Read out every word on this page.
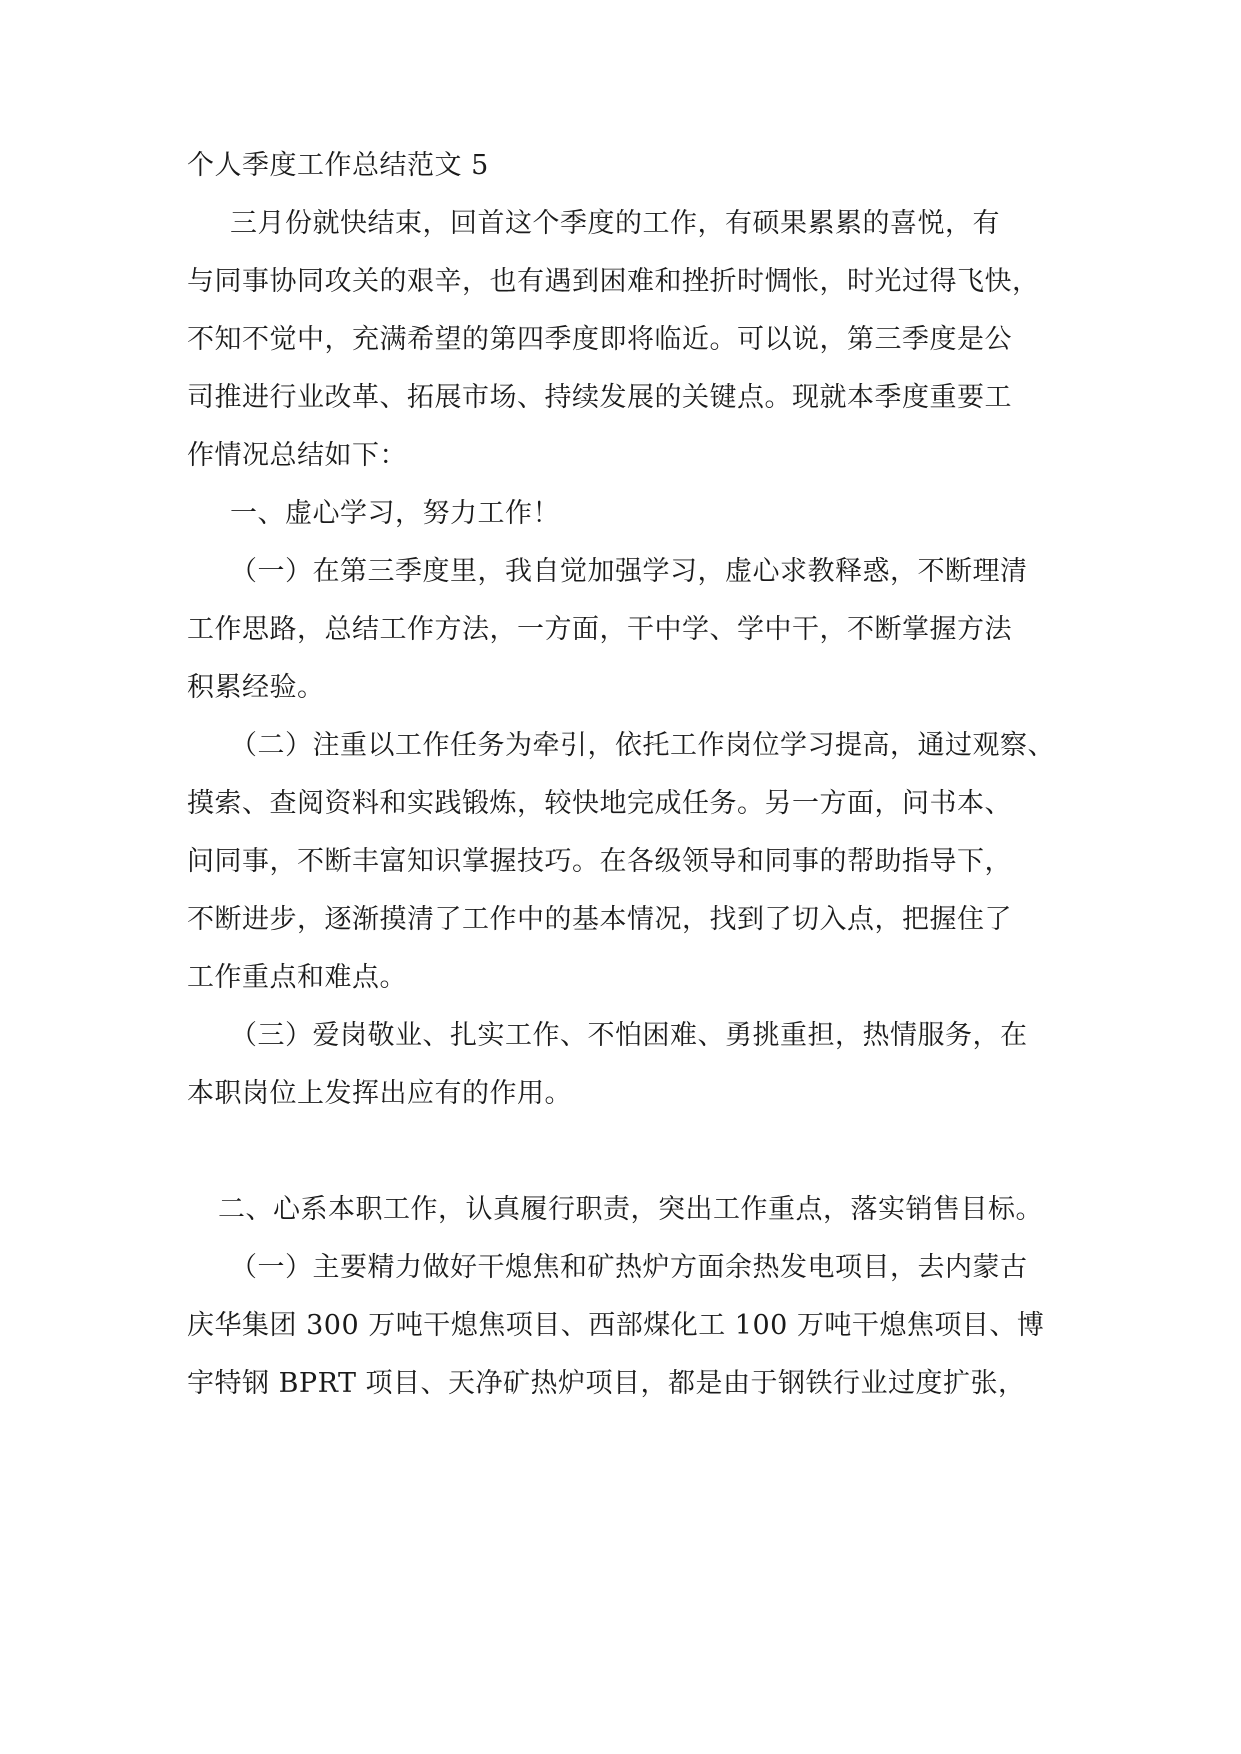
个人季度工作总结范文 5
三月份就快结束，回首这个季度的工作，有硕果累累的喜悦，有
与同事协同攻关的艰辛，也有遇到困难和挫折时惆怅，时光过得飞快，
不知不觉中，充满希望的第四季度即将临近。可以说，第三季度是公
司推进行业改革、拓展市场、持续发展的关键点。现就本季度重要工
作情况总结如下：
一、虚心学习，努力工作！
（一）在第三季度里，我自觉加强学习，虚心求教释惑，不断理清
工作思路，总结工作方法，一方面，干中学、学中干，不断掌握方法
积累经验。
（二）注重以工作任务为牵引，依托工作岗位学习提高，通过观察、
摸索、查阅资料和实践锻炼，较快地完成任务。另一方面，问书本、
问同事，不断丰富知识掌握技巧。在各级领导和同事的帮助指导下，
不断进步，逐渐摸清了工作中的基本情况，找到了切入点，把握住了
工作重点和难点。
（三）爱岗敬业、扎实工作、不怕困难、勇挑重担，热情服务，在
本职岗位上发挥出应有的作用。
二、心系本职工作，认真履行职责，突出工作重点，落实销售目标。
（一）主要精力做好干熄焦和矿热炉方面余热发电项目，去内蒙古
庆华集团 300 万吨干熄焦项目、西部煤化工 100 万吨干熄焦项目、博
宇特钢 BPRT 项目、天净矿热炉项目，都是由于钢铁行业过度扩张，
